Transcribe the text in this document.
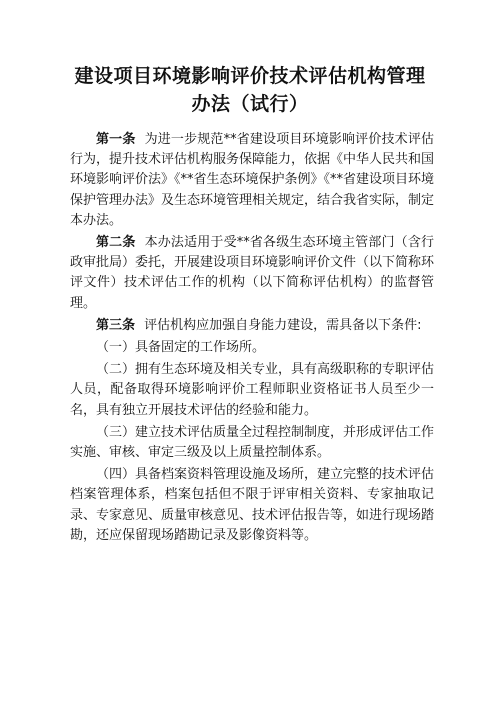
建设项目环境影响评价技术评估机构管理
办法（试行）

第一条 为进一步规范**省建设项目环境影响评价技术评估行为，提升技术评估机构服务保障能力，依据《中华人民共和国环境影响评价法》《**省生态环境保护条例》《**省建设项目环境保护管理办法》及生态环境管理相关规定，结合我省实际，制定本办法。

第二条 本办法适用于受**省各级生态环境主管部门（含行政审批局）委托，开展建设项目环境影响评价文件（以下简称环评文件）技术评估工作的机构（以下简称评估机构）的监督管理。

第三条 评估机构应加强自身能力建设，需具备以下条件:

（一）具备固定的工作场所。

（二）拥有生态环境及相关专业，具有高级职称的专职评估人员，配备取得环境影响评价工程师职业资格证书人员至少一名，具有独立开展技术评估的经验和能力。

（三）建立技术评估质量全过程控制制度，并形成评估工作实施、审核、审定三级及以上质量控制体系。

（四）具备档案资料管理设施及场所，建立完整的技术评估档案管理体系，档案包括但不限于评审相关资料、专家抽取记录、专家意见、质量审核意见、技术评估报告等，如进行现场踏勘，还应保留现场踏勘记录及影像资料等。
